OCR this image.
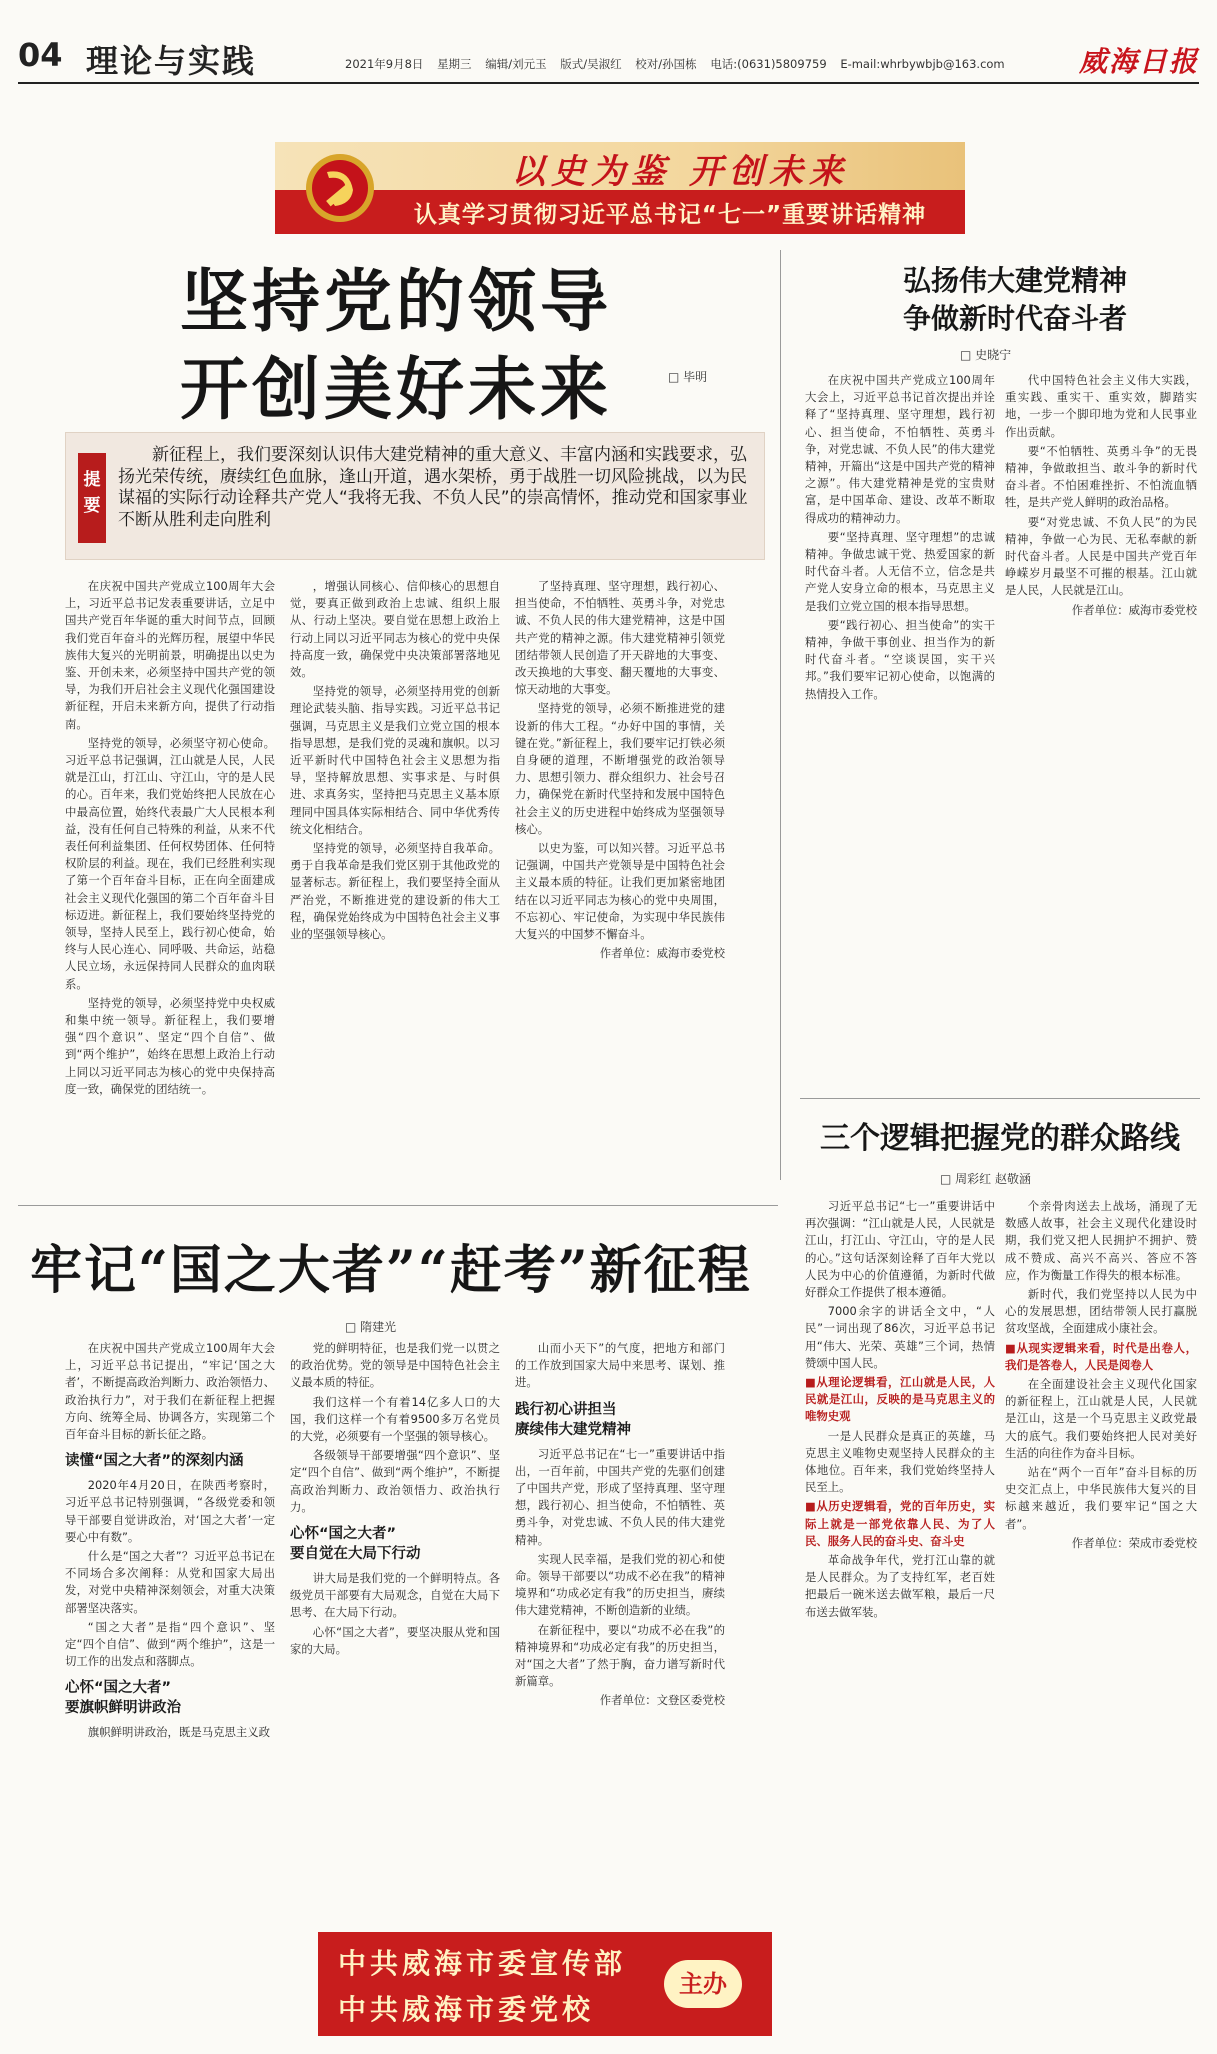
04 理论与实践	2021年9月8日 星期三 编辑/刘元玉 版式/吴淑红 校对/孙国栋 电话:(0631)5809759 E-mail:whrbywbjb@163.com	威海日报
以史为鉴 开创未来
认真学习贯彻习近平总书记“七一”重要讲话精神
坚持党的领导
开创美好未来	□ 毕明
提要
新征程上，我们要深刻认识伟大建党精神的重大意义、丰富内涵和实践要求，弘扬光荣传统，赓续红色血脉，逢山开道，遇水架桥，勇于战胜一切风险挑战，以为民谋福的实际行动诠释共产党人“我将无我、不负人民”的崇高情怀，推动党和国家事业不断从胜利走向胜利

在庆祝中国共产党成立100周年大会上，习近平总书记发表重要讲话，立足中国共产党百年华诞的重大时间节点，回顾我们党百年奋斗的光辉历程，展望中华民族伟大复兴的光明前景，明确提出以史为鉴、开创未来，必须坚持中国共产党的领导，为我们开启社会主义现代化强国建设新征程，开启未来新方向，提供了行动指南。

坚持党的领导，必须坚守初心使命。习近平总书记强调，江山就是人民，人民就是江山，打江山、守江山，守的是人民的心。百年来，我们党始终把人民放在心中最高位置，始终代表最广大人民根本利益，没有任何自己特殊的利益，从来不代表任何利益集团、任何权势团体、任何特权阶层的利益。现在，我们已经胜利实现了第一个百年奋斗目标，正在向全面建成社会主义现代化强国的第二个百年奋斗目标迈进。新征程上，我们要始终坚持党的领导，坚持人民至上，践行初心使命，始终与人民心连心、同呼吸、共命运，站稳人民立场，永远保持同人民群众的血肉联系。

坚持党的领导，必须坚持党中央权威和集中统一领导。新征程上，我们要增强“四个意识”、坚定“四个自信”、做到“两个维护”，始终在思想上政治上行动上同以习近平同志为核心的党中央保持高度一致，确保党的团结统一。

，增强认同核心、信仰核心的思想自觉，要真正做到政治上忠诚、组织上服从、行动上坚决。要自觉在思想上政治上行动上同以习近平同志为核心的党中央保持高度一致，确保党中央决策部署落地见效。

坚持党的领导，必须坚持用党的创新理论武装头脑、指导实践。习近平总书记强调，马克思主义是我们立党立国的根本指导思想，是我们党的灵魂和旗帜。以习近平新时代中国特色社会主义思想为指导，坚持解放思想、实事求是、与时俱进、求真务实，坚持把马克思主义基本原理同中国具体实际相结合、同中华优秀传统文化相结合。

坚持党的领导，必须坚持自我革命。勇于自我革命是我们党区别于其他政党的显著标志。新征程上，我们要坚持全面从严治党，不断推进党的建设新的伟大工程，确保党始终成为中国特色社会主义事业的坚强领导核心。

了坚持真理、坚守理想，践行初心、担当使命，不怕牺牲、英勇斗争，对党忠诚、不负人民的伟大建党精神，这是中国共产党的精神之源。伟大建党精神引领党团结带领人民创造了开天辟地的大事变、改天换地的大事变、翻天覆地的大事变、惊天动地的大事变。

坚持党的领导，必须不断推进党的建设新的伟大工程。“办好中国的事情，关键在党。”新征程上，我们要牢记打铁必须自身硬的道理，不断增强党的政治领导力、思想引领力、群众组织力、社会号召力，确保党在新时代坚持和发展中国特色社会主义的历史进程中始终成为坚强领导核心。

以史为鉴，可以知兴替。习近平总书记强调，中国共产党领导是中国特色社会主义最本质的特征。让我们更加紧密地团结在以习近平同志为核心的党中央周围，不忘初心、牢记使命，为实现中华民族伟大复兴的中国梦不懈奋斗。

作者单位：威海市委党校

弘扬伟大建党精神
争做新时代奋斗者
□ 史晓宁

在庆祝中国共产党成立100周年大会上，习近平总书记首次提出并诠释了“坚持真理、坚守理想，践行初心、担当使命，不怕牺牲、英勇斗争，对党忠诚、不负人民”的伟大建党精神，开篇出“这是中国共产党的精神之源”。伟大建党精神是党的宝贵财富，是中国革命、建设、改革不断取得成功的精神动力。

要“坚持真理、坚守理想”的忠诚精神。争做忠诚干党、热爱国家的新时代奋斗者。人无信不立，信念是共产党人安身立命的根本，马克思主义是我们立党立国的根本指导思想。

要“践行初心、担当使命”的实干精神，争做干事创业、担当作为的新时代奋斗者。“空谈误国，实干兴邦。”我们要牢记初心使命，以饱满的热情投入工作。

代中国特色社会主义伟大实践，重实践、重实干、重实效，脚踏实地，一步一个脚印地为党和人民事业作出贡献。

要“不怕牺牲、英勇斗争”的无畏精神，争做敢担当、敢斗争的新时代奋斗者。不怕困难挫折、不怕流血牺牲，是共产党人鲜明的政治品格。

要“对党忠诚、不负人民”的为民精神，争做一心为民、无私奉献的新时代奋斗者。人民是中国共产党百年峥嵘岁月最坚不可摧的根基。江山就是人民，人民就是江山。

作者单位：威海市委党校

三个逻辑把握党的群众路线
□ 周彩红 赵敬涵

习近平总书记“七一”重要讲话中再次强调：“江山就是人民，人民就是江山，打江山、守江山，守的是人民的心。”这句话深刻诠释了百年大党以人民为中心的价值遵循，为新时代做好群众工作提供了根本遵循。

7000余字的讲话全文中，“人民”一词出现了86次，习近平总书记用“伟大、光荣、英雄”三个词，热情赞颂中国人民。

■从理论逻辑看，江山就是人民，人民就是江山，反映的是马克思主义的唯物史观

一是人民群众是真正的英雄，马克思主义唯物史观坚持人民群众的主体地位。百年来，我们党始终坚持人民至上。

■从历史逻辑看，党的百年历史，实际上就是一部党依靠人民、为了人民、服务人民的奋斗史、奋斗史

革命战争年代，党打江山靠的就是人民群众。为了支持红军，老百姓把最后一碗米送去做军粮，最后一尺布送去做军装。

个亲骨肉送去上战场，涌现了无数感人故事，社会主义现代化建设时期，我们党又把人民拥护不拥护、赞成不赞成、高兴不高兴、答应不答应，作为衡量工作得失的根本标准。

新时代，我们党坚持以人民为中心的发展思想，团结带领人民打赢脱贫攻坚战，全面建成小康社会。

■从现实逻辑来看，时代是出卷人，我们是答卷人，人民是阅卷人

在全面建设社会主义现代化国家的新征程上，江山就是人民，人民就是江山，这是一个马克思主义政党最大的底气。我们要始终把人民对美好生活的向往作为奋斗目标。

站在“两个一百年”奋斗目标的历史交汇点上，中华民族伟大复兴的目标越来越近，我们要牢记“国之大者”。

作者单位：荣成市委党校

牢记“国之大者”“赶考”新征程
□ 隋建光

在庆祝中国共产党成立100周年大会上，习近平总书记提出，“牢记‘国之大者’，不断提高政治判断力、政治领悟力、政治执行力”，对于我们在新征程上把握方向、统筹全局、协调各方，实现第二个百年奋斗目标的新长征之路。

读懂“国之大者”的深刻内涵

2020年4月20日，在陕西考察时，习近平总书记特别强调，“各级党委和领导干部要自觉讲政治，对‘国之大者’一定要心中有数”。

什么是“国之大者”？习近平总书记在不同场合多次阐释：从党和国家大局出发，对党中央精神深刻领会，对重大决策部署坚决落实。

“国之大者”是指“四个意识”、坚定“四个自信”、做到“两个维护”，这是一切工作的出发点和落脚点。

心怀“国之大者”
要旗帜鲜明讲政治

旗帜鲜明讲政治，既是马克思主义政

党的鲜明特征，也是我们党一以贯之的政治优势。党的领导是中国特色社会主义最本质的特征。

我们这样一个有着14亿多人口的大国，我们这样一个有着9500多万名党员的大党，必须要有一个坚强的领导核心。

各级领导干部要增强“四个意识”、坚定“四个自信”、做到“两个维护”，不断提高政治判断力、政治领悟力、政治执行力。

心怀“国之大者”
要自觉在大局下行动

讲大局是我们党的一个鲜明特点。各级党员干部要有大局观念，自觉在大局下思考、在大局下行动。

心怀“国之大者”，要坚决服从党和国家的大局。

山而小天下”的气度，把地方和部门的工作放到国家大局中来思考、谋划、推进。

践行初心讲担当
赓续伟大建党精神

习近平总书记在“七一”重要讲话中指出，一百年前，中国共产党的先驱们创建了中国共产党，形成了坚持真理、坚守理想，践行初心、担当使命，不怕牺牲、英勇斗争，对党忠诚、不负人民的伟大建党精神。

实现人民幸福，是我们党的初心和使命。领导干部要以“功成不必在我”的精神境界和“功成必定有我”的历史担当，赓续伟大建党精神，不断创造新的业绩。

在新征程中，要以“功成不必在我”的精神境界和“功成必定有我”的历史担当，对“国之大者”了然于胸，奋力谱写新时代新篇章。

作者单位：文登区委党校

中共威海市委宣传部
中共威海市委党校
主办
